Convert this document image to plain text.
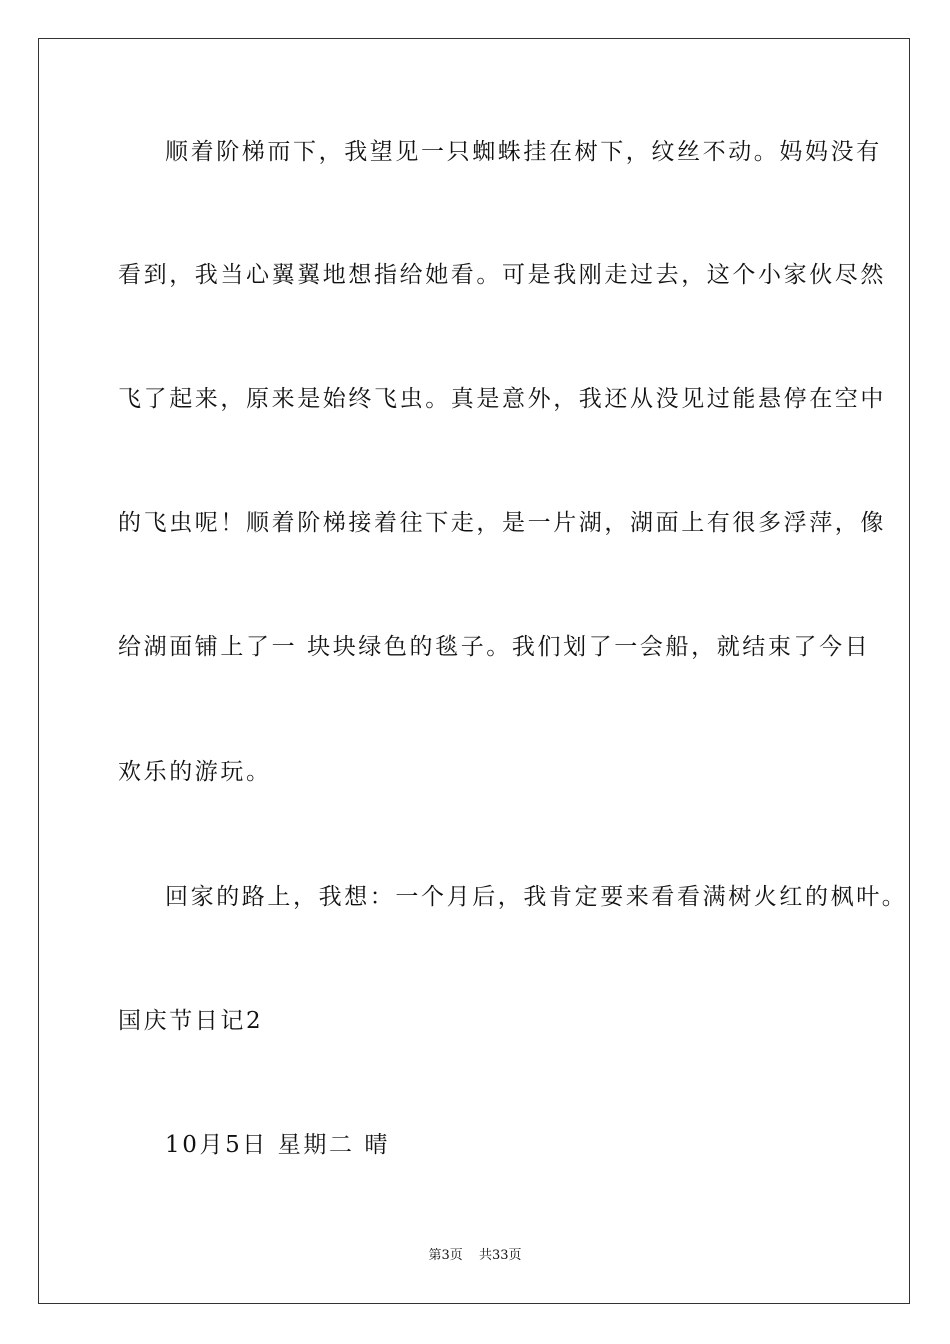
顺着阶梯而下，我望见一只蜘蛛挂在树下，纹丝不动。妈妈没有
看到，我当心翼翼地想指给她看。可是我刚走过去，这个小家伙尽然
飞了起来，原来是始终飞虫。真是意外，我还从没见过能悬停在空中
的飞虫呢！顺着阶梯接着往下走，是一片湖，湖面上有很多浮萍，像
给湖面铺上了一 块块绿色的毯子。我们划了一会船，就结束了今日
欢乐的游玩。
回家的路上，我想：一个月后，我肯定要来看看满树火红的枫叶。
国庆节日记2
10月5日 星期二 晴
第3页 共33页
